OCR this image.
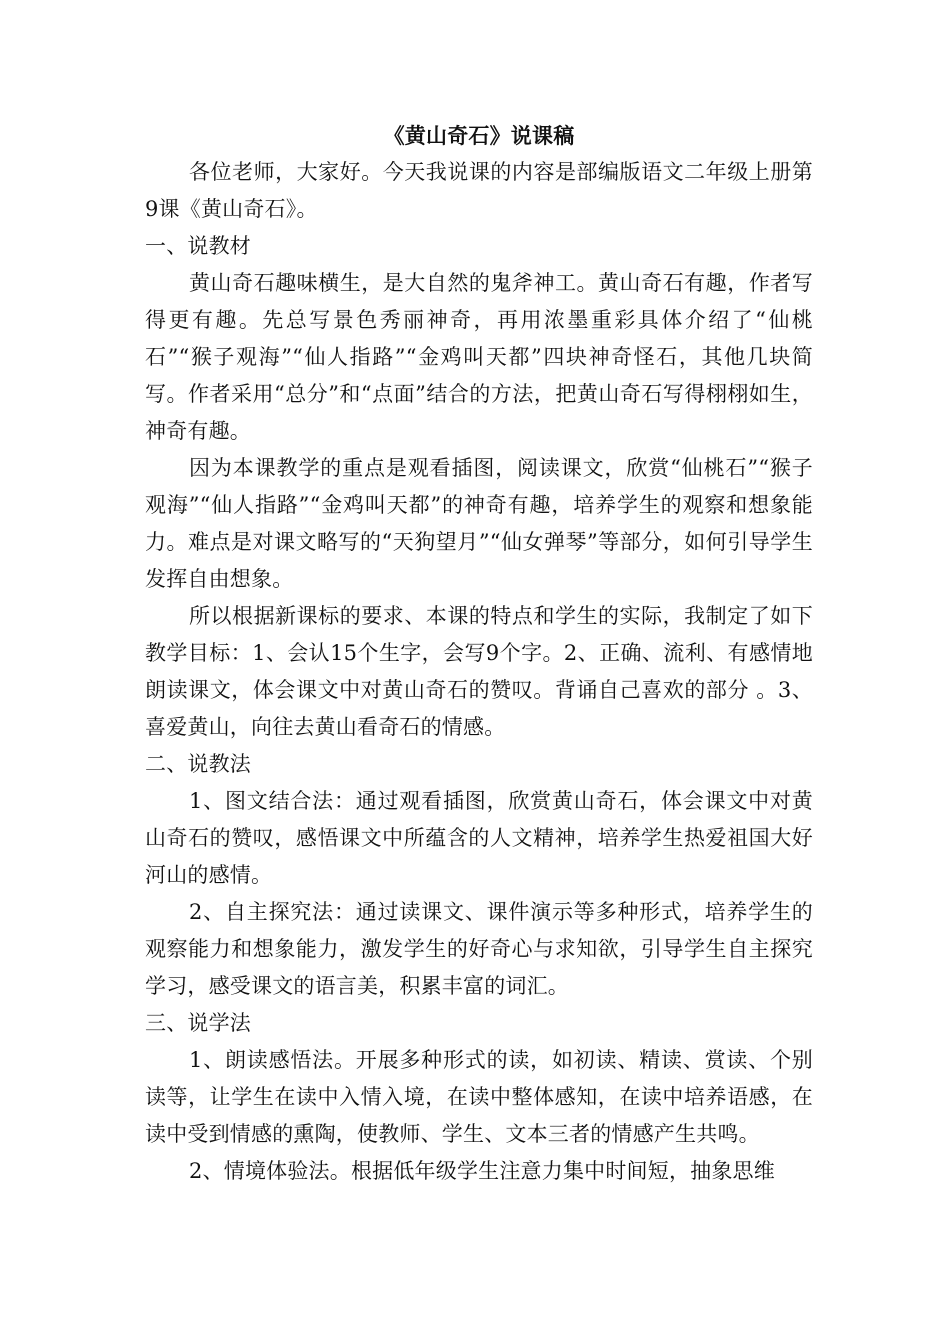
《黄山奇石》说课稿

各位老师，大家好。今天我说课的内容是部编版语文二年级上册第9课《黄山奇石》。

一、说教材

黄山奇石趣味横生，是大自然的鬼斧神工。黄山奇石有趣，作者写得更有趣。先总写景色秀丽神奇，再用浓墨重彩具体介绍了“仙桃石”“猴子观海”“仙人指路”“金鸡叫天都”四块神奇怪石，其他几块简写。作者采用“总分”和“点面”结合的方法，把黄山奇石写得栩栩如生，神奇有趣。

因为本课教学的重点是观看插图，阅读课文，欣赏“仙桃石”“猴子观海”“仙人指路”“金鸡叫天都”的神奇有趣，培养学生的观察和想象能力。难点是对课文略写的“天狗望月”“仙女弹琴”等部分，如何引导学生发挥自由想象。

所以根据新课标的要求、本课的特点和学生的实际，我制定了如下教学目标：1、会认15个生字，会写9个字。2、正确、流利、有感情地朗读课文，体会课文中对黄山奇石的赞叹。背诵自己喜欢的部分 。3、喜爱黄山，向往去黄山看奇石的情感。

二、说教法

1、图文结合法：通过观看插图，欣赏黄山奇石，体会课文中对黄山奇石的赞叹，感悟课文中所蕴含的人文精神，培养学生热爱祖国大好河山的感情。

2、自主探究法：通过读课文、课件演示等多种形式，培养学生的观察能力和想象能力，激发学生的好奇心与求知欲，引导学生自主探究学习，感受课文的语言美，积累丰富的词汇。

三、说学法

1、朗读感悟法。开展多种形式的读，如初读、精读、赏读、个别读等，让学生在读中入情入境，在读中整体感知，在读中培养语感，在读中受到情感的熏陶，使教师、学生、文本三者的情感产生共鸣。

2、情境体验法。根据低年级学生注意力集中时间短，抽象思维
